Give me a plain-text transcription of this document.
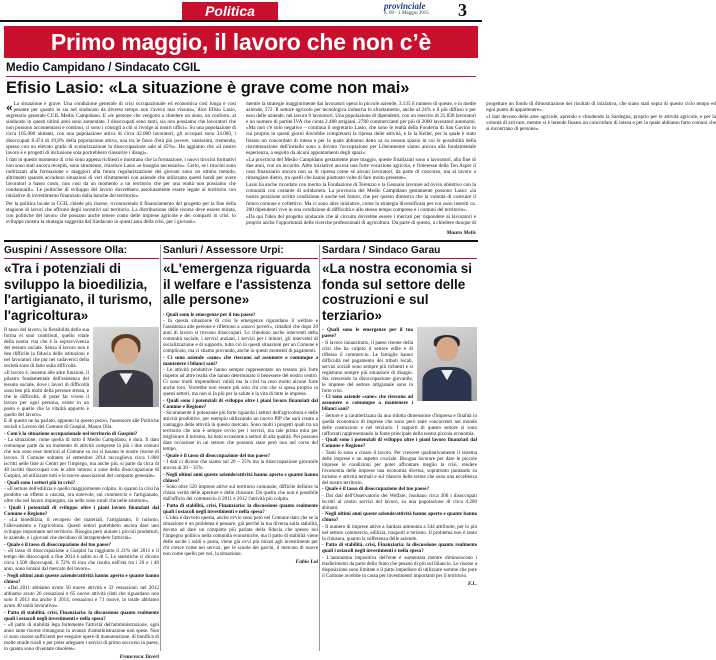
Politica	provinciale
n. 09 - 1 Maggio 2015 3
Primo maggio, il lavoro che non c’è
Medio Campidano / Sindacato CGIL
Efisio Lasio: «La situazione è grave come non mai»

« La situazione è grave. Una condizione generale di crisi occupazionale ed economica così lunga e così pesante per quanto io sia nel sindacato da diverso tempo non l'avevo mai vissuta», dice Efisio Lasio, segretario generale CGIL Medio Campidano. E «le persone che vengono a chiedere un aiuto, un conforto, al sindacato in questi ultimi anni sono aumentate. I disoccupati sono tanti, sia non possiamo che lavoratori che non possono accontentarsi e continui, ci sono i consigli a chi si rivolge ai nostri uffici». Su una popolazione di circa 105.000 abitanti, con una popolazione attiva di circa 42.000 lavoratori, gli occupati sono 34.060, i disoccupati 8.474 di 19,8% della popolazione attiva, una tra le fasce d'età più povere, vastissimi, tremenda, spesso con un elevato grado di scolarizzazione la disoccupazione sale al 45%». Ha aggiunto che «il nostro lavoro è e progetti di inclusione sola portrebbero riassorire i disagi».

I dati in questo momento di crisi sono appena richiesti e mostrano che la formazione, i nuovi tirocini formativi non sono stati ancora recepiti, sono strumento, chiarisce Lasio «e bisogno necessario». Certo, se i tirocini sono indirizzati alla formazione e maggiori alla futura regolarizzazione dei giovani sono un ottimo metodo, altrimenti quando accadono situazioni di veri sfruttamenti con aziende che utilizzano questi bandi per avere lavoratori a basso costo, non così da un momento a un territorio che per una realtà non possiamo che condannarli». Le politiche di sviluppo del lavoro dovrebbero assolutamente essere legate al territorio con iniziative di investimento finanziato dalla banche del territorio».

Per la politica locale la CGIL chiede più risorse, riconoscendo il finanziamento del progetto per la fine della stagione di lavori che offrono degli incentivi sul territorio. La distribuzione delle risorse deve essere mirata, con politiche del lavoro che possano anche tenere conto delle imprese agricole e dei comparti in crisi: lo sviluppo mostra la strategia suggerita dal Sindacato in questi anni della crisi, per i giovani».

mentre la strategie maggiormente dai lavoratori opera in piccole aziende, 3.135 il numero di queste, e in medie aziende, 172. Il settore agricolo per tecnologica industria lo sfruttamento, anche al 24% e il più diffuso e per esso delle aziende, nel lavoro 0 lavoratori. Una popolazione di dipendenti, con un esercito di 21.830 lavoratori e un numero di partite IVA che conta 2.488 artigiani, 2780 commercianti per più di 2000 lavoratori autonomi. «Ma non c'è solo negativo – continua il segretario Lasio, che sono le realtà della Fonderia di San Gavino in cui proprio in questi giorni dovrebbe completarsi la ripresa delle attività, e le la Keller, per la quale è stato fissato un concordato di intesa e per la quale abbiamo detto sa su nessun spazio in cui le possibilità della ristrutturazione dell'installo sono a dovuto l'occupazione per Liberamente siamo ancora alla fondamentale esperienza, a seguito da alcuni appuntamenti degli spazi».

«La provincia del Medio Campidano gestamente pure maggio, queste finalizzati sono a lavoratori, alla fine di due anni, con un accordo. Altre iniziative ancora una forte vocazione agricola, e l'interesse della Ten Asper il caso finanziario ancora non sa di ripresa come sé alcuni lavoratori, da parte di concorso, ma al lavoro a rimangiare dietro, tra quelli che hanno piuttosto volte di fare molto presente».

Lasio ha anche ricordato con merito la Fondazione di Terenzio e la Gennaio lavorare ad ovvio obiettivo con la comunità con costante di solidarietà. La provincia del Medio Campidano gestamente possono Lasio: «la nostra posizione scritta condizione è anche nel futuro, che per questo dimostra che la volontà di costruire il futuro comune e collettivo. Ma ci sono altre iniziative, come la strategia diversificata per cui sono inseriti ca. 200 dipendenti vive in una condizione di difficoltà e allo stesso tempo comprese e i comuni del territorio».

«Da qui l'idea del progetto sindacale che al circuito dovrebbe essere i mercati per rispondere ai lavoratori e proprio anche l'opportunità delle ricerche professionali di agricoltura. Da parte di questo, a chiedere dunque di progettare un fondo di dimostrazione dei risultati di iniziativa, che siano stati sopra di questo ciclo tempo ed ogni punto di appartenere».

«I dati devono delle aree agricole, aprendo e chiudendo la Sardegna, proprio per le attività agricole, e per la volontà di arrivare, mentre si è intende fissato un concordato di intesa e per la quale abbiamo fatto comuni che si incontrano di persone».

Mauro Melis
Guspini / Assessore Olla:
«Tra i potenziali di sviluppo la bioedilizia, l'artigianato, il turismo, l'agricoltura»

Il tasso del lavoro, la flessibilità della sua forma ei suoi contributi, quello vitale della nostra vita che è la sopravvivenza del tessuto sociale. Senza il lavoro non è ben difficile la fiducia delle istituzioni e nel lavoratori che pur nei cadaverici della società sono di fatto sulla difficoltà.

«Il lavoro è, insieme alle altre funzioni, il pilastro fondamentale dell'esistenza del tessuto sociale, dove i lavori di difficoltà sono ben più molti della persone stessa, e che le difficoltà, di poter far vivere il lavoro per ogni persona, esiste in un posto e quello che la vitalità appunto è quello del lavoro».

E di questo ne ha parlato, appunto in questo pezzo, l'assessore alle Politiche sociali e Lavoro del Comune di Guspini, Maura Olla.

- Com'è la situazione occupazionale nel territorio di Guspini?

- La situazione, come quella di tutto il Medio Campidano, è dura. Il dato comunque parte da un momento di attività comprese in più i due comuni che non sono esse interiori al Comune su cui si basano le nostre risorse di lavoro. Il Comune soltanto al settembre 2014 raccoglieva circa 1.800 iscritti nelle liste ai Centri per l'impiego, ma anche più, si parte da circa di 40 iscritti disoccupati con le altre intorno a zone della disoccupazione di Guspini, ad utilizzare tutti e le nuove associazioni del comparto generale».

- Quali sono i settori più in crisi?

- «Il settore dell'edilizia è quello maggiormente colpito, in quanto la crisi ha prodotto un effetto a cascata, ora notevole, sul commercio e l'artigianato, oltre che nel lavoro impiegato, sia nelle zone rurali che nelle strutture».

- Quali i potenziali di sviluppo oltre i piani lavoro finanziati dal Comune e Regione?

- «La bioedilizia, il recupero dei materiali, l'artigianato, il turismo, l'allevamento e l'agricoltura. Questi settori potrebbero ancora dare uno sviluppo importante nel territorio. Bisogna però aiutare i piccoli produttori, le aziende, e i giovani che decidono di intraprendere l'attività».

- Quale è il tasso di disoccupazione del tuo paese?

- «Il tasso di disoccupazione a Guspini ha raggiunto il 21% del 2011 e il tempo dei disoccupati a fine 2014 è salito su di 5. Le statistiche ci dicono circa 1.500 disoccupati, il 72% di loro che risulta nell'età tra i 20 e i 40 anni, sono lontani dal mercato del lavoro».

- Negli ultimi anni queste aziende/attività hanno aperto e quante hanno chiuso?

- «Dal 2011 abbiamo avuto 56 nuove attività e 32 cessazioni; nel 2012 abbiamo avuto 26 cessazioni e 65 nuove attività (dati che riguardano non solo il 2013 ma anche il 2014, cessazioni e 71 nuove, in totale abbiamo avuto 40 unità lavorative».

- Patto di stabilità, crisi, Finanziaria: la discussione quanto realmente quali i ostacoli negli investimenti e nella spesa?

- «Il patto di stabilità lega fortemente l'attività dell'amministrazione, ogni anno tante risorse rimangono in avanzo d'amministrazione non spese. Non ci sono risorse sufficienti per eseguire opere di manutenzione, di bonifica di molte strade rurali e per poter adeguare i servizi di primo soccorso in paese, in quanto sono diventate obsolete».

Francesca Taveri
Sanluri / Assessore Urpi:
«L'emergenza riguarda il welfare e l'assistenza alle persone»

- Quali sono le emergenze per il tuo paese?

- In questa situazione di crisi le emergenze riguardano il welfare e l'assistenza alle persone e riflettono a «nuovi poveri», cittadini che dopo 20 anni di lavoro si trovano disoccupati. Lo chiedono anche interventi della comunità sociale, i servizi anziani, i servizi per i minori, gli interventi di socializzazione e di supporto, tutto ciò in questi situazioni per un Comune è complicato, ma ci stiamo provando, anche in questi momenti di pagamenti.

- Ci sono aziende «sane» che riescono ad assumere o comunque a mantenere i bilanci sani?

- Le attività produttive hanno sempre rappresentato un tessuto più forte rispetto ad altre realtà che hanno determinato il benessere del nostro centro. Ci sono molti imprenditori validi ma la crisi ha reso molto alcune forte anche loro. Vorrebbe non essere più solo chi con che si spesa proprio in questi settori, ma non si fa più per la salute e la vita di tutte le imprese.

- Quali sono i potenziali di sviluppo oltre i piani lavoro finanziati dal Comune e Regione?

- Sicuramente il potenziale più forte riguarda i settori dell'agricoltura e delle attività produttive, per esempio utilizzando un nuovo PIP che sarà creato a vantaggio delle attività in questo mercato. Sono molti i progetti quali tra un territorio che non è sempre ovvio per i servizi, ma tale prima mira per migliorare il turismo, ha dato occasione a settori di alta qualità. Poi possono dare occasione in un settore che possono stare però non nel corso del tempo.

- Quale è il tasso di disoccupazione del tuo paese?

- I dati ci dicono che siamo sul 20 – 25% ma la disoccupazione giovanile ancora al 30 – 35%.

- Negli ultimi anni queste aziende/attività hanno aperto e quante hanno chiuso?

- Sono oltre 520 imprese attive sul territorio comunale, difficile definire la chiara verità delle aperture e delle chiusure. Da quello che non è possibile dall'ufficio del commercio il 2011 e 2012 l'attività più colpita.

- Patto di stabilità, crisi, Finanziaria: la discussione quanto realmente quali i ostacoli negli investimenti e nella spesa?

- L'idea è davvero questa, anche ovvio sono però nel Comune dato che se la situazione è un problema è pensare, già perché la tua diversa sulla stabilità, dovuta ad dare un comparto più parlata della fiducia che spesso noi l'impegno politico nella comunità economiche, ma il patto di stabilità viene delle uscite i soldi e posta, viene già ovvi più mirati agli investimenti per chi cresce come nei servizi, per le scuole dei parchi, il mercato di nuove non come quello per noi, la situazione.

Fabio Loi
Sardara / Sindaco Garau
«La nostra economia si fonda sul settore delle costruzioni e sul terziario»

- Quali sono le emergenze per il tuo paese?

- Il lavoro innanzitutto, il paese risente della crisi che ha colpito il settore edile e di riflesso il commercio. Le famiglie hanno difficoltà nel pagamento dei tributi locali, servizi sociali sono sempre più richiesti e si registrano sempre più situazioni di disagio. Sta crescendo la disoccupazione giovanile, le imprese del settore artigianale sono in forte crisi.

- Ci sono aziende «sane» che riescono ad assumere o comunque a mantenere i bilanci sani?

- Settore e a caratterizzata da una ridotta dimensione d'impresa e finalità in quella economica di imprese che sono però state concorrenti nel mondo delle costruzioni e nel terziario. I rapporti di questo settore si sono rafforzati rappresentando la fonte principale della nostra piccola economia.

- Quali sono i potenziali di sviluppo oltre i piani lavoro finanziati dal Comune e Regione?

- Tanti lo sono a creare il lavoro. Per crescere qualitativamente il sistema delle imprese e un aspetto cruciale. Bisogna lavorare per dare le piccole imprese le condizioni per poter affrontare meglio la crisi, rendere l'economia delle imprese una economia diversa, soprattutto puntando su turismo e attività termali e sul rilancio delle terme che sono una eccellenza del nostro territorio.

- Quale è il tasso di disoccupazione del tuo paese?

- Dai dati dell'Osservatorio del Welfare, risultano circa 300 i disoccupati iscritti al centro servizi del lavoro, su una popolazione di circa 4.200 abitanti.

- Negli ultimi anni queste aziende/attività hanno aperto e quante hanno chiuso?

- Il numero di imprese attive a Sardara ammonta a 344 attribuite, per lo più nel settore commercio, edilizia, trasporti e turismo. Il problema non è tanto la chiusura, quanto la sofferenza delle aziende.

- Patto di stabilità, crisi, Finanziaria: la discussione quanto realmente quali i ostacoli negli investimenti e nella spesa?

- L'autonomia impositiva dell'ente è aumentata mentre diminuiscono i trasferimenti da parte dello Stato che pesano di più sul bilancio. Le risorse a disposizione sono limitate e il patto impedisce di utilizzare somme che pure il Comune avrebbe in cassa per investimenti importanti per il territorio.

F.L.
